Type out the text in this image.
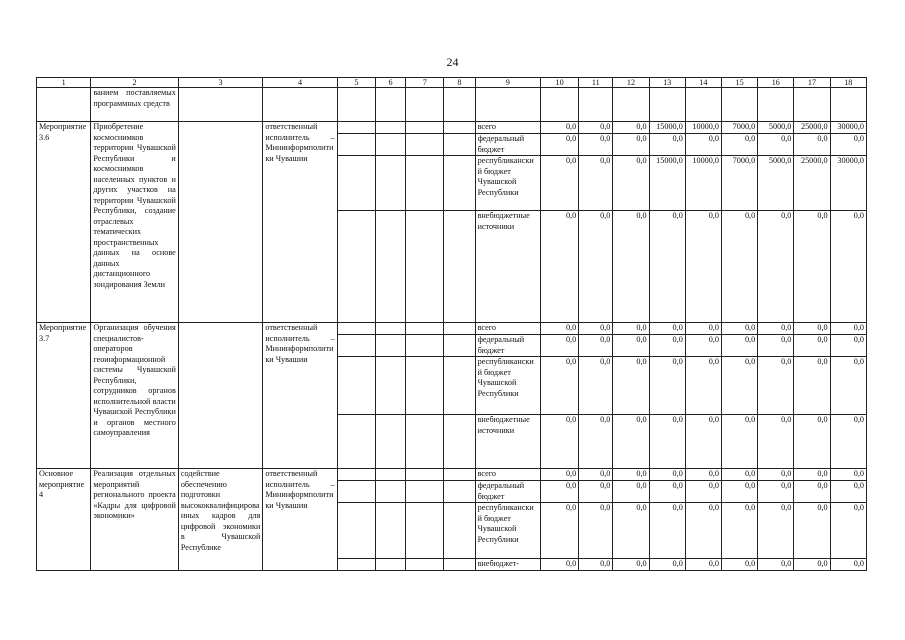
24
1	2	3	4	5	6	7	8	9	10	11	12	13	14	15	16	17	18
	ванием поставляемых программных средств																
Мероприятие 3.6	Приобретение космоснимков территории Чувашской Республики и космоснимков населенных пунктов и других участков на территории Чувашской Республики, создание отраслевых тематических пространственных данных на основе данных дистанционного зондирования Земли		ответственный исполнитель – Мининформполитики Чувашии					всего	0,0	0,0	0,0	15000,0	10000,0	7000,0	5000,0	25000,0	30000,0
								федеральный бюджет	0,0	0,0	0,0	0,0	0,0	0,0	0,0	0,0	0,0
								республиканский бюджет Чувашской Республики	0,0	0,0	0,0	15000,0	10000,0	7000,0	5000,0	25000,0	30000,0
								внебюджетные источники	0,0	0,0	0,0	0,0	0,0	0,0	0,0	0,0	0,0
Мероприятие 3.7	Организация обучения специалистов-операторов геоинформационной системы Чувашской Республики, сотрудников органов исполнительной власти Чувашской Республики и органов местного самоуправления		ответственный исполнитель – Мининформполитики Чувашии					всего	0,0	0,0	0,0	0,0	0,0	0,0	0,0	0,0	0,0
								федеральный бюджет	0,0	0,0	0,0	0,0	0,0	0,0	0,0	0,0	0,0
								республиканский бюджет Чувашской Республики	0,0	0,0	0,0	0,0	0,0	0,0	0,0	0,0	0,0
								внебюджетные источники	0,0	0,0	0,0	0,0	0,0	0,0	0,0	0,0	0,0
Основное мероприятие 4	Реализация отдельных мероприятий регионального проекта «Кадры для цифровой экономики»	содействие обеспечению подготовки высококвалифицированных кадров для цифровой экономики в Чувашской Республике	ответственный исполнитель – Мининформполитики Чувашии					всего	0,0	0,0	0,0	0,0	0,0	0,0	0,0	0,0	0,0
								федеральный бюджет	0,0	0,0	0,0	0,0	0,0	0,0	0,0	0,0	0,0
								республиканский бюджет Чувашской Республики	0,0	0,0	0,0	0,0	0,0	0,0	0,0	0,0	0,0
								внебюджет-	0,0	0,0	0,0	0,0	0,0	0,0	0,0	0,0	0,0
